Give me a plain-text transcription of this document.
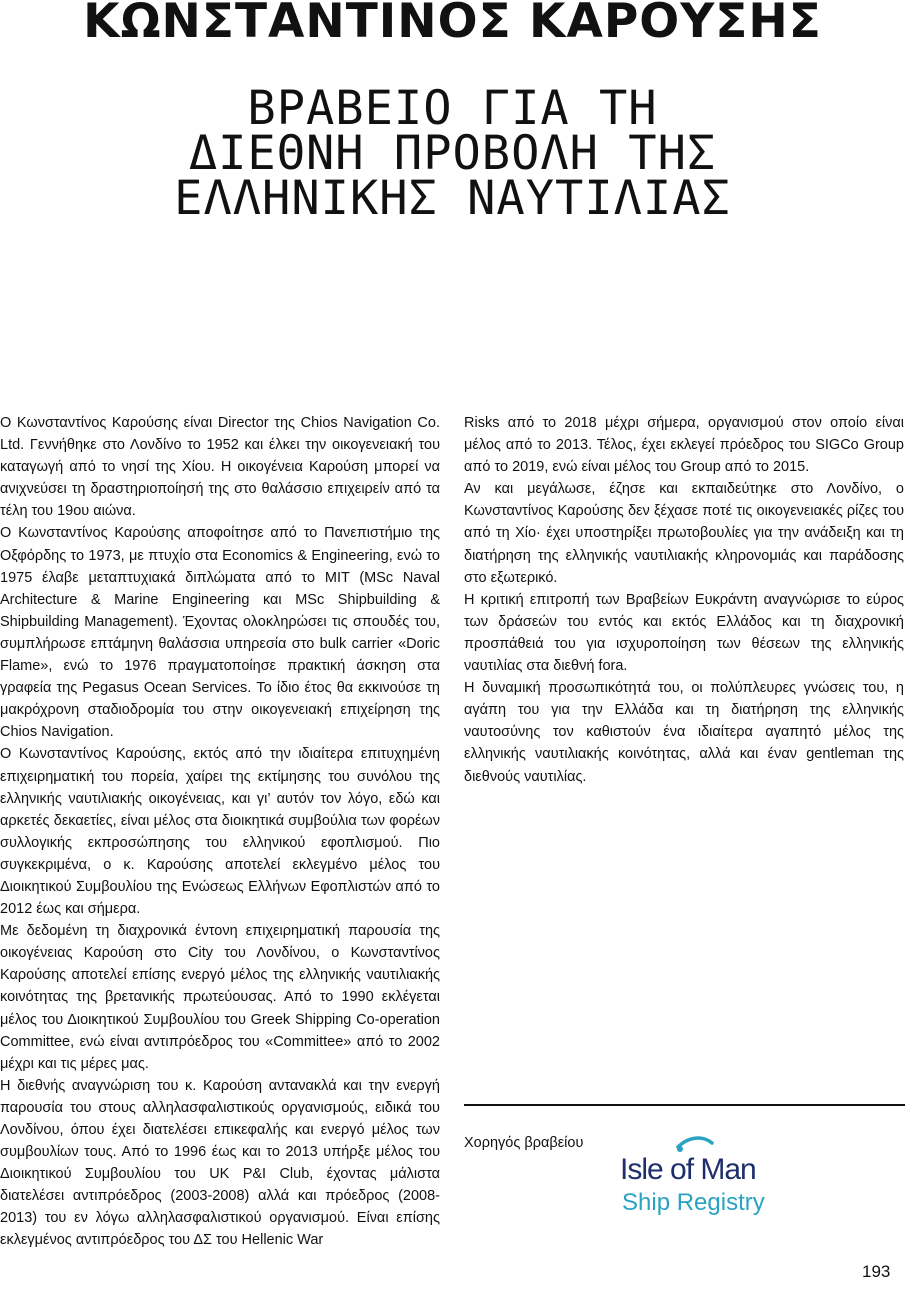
ΚΩΝΣΤΑΝΤΙΝΟΣ ΚΑΡΟΥΣΗΣ
ΒΡΑΒΕΙΟ ΓΙΑ ΤΗ
ΔΙΕΘΝΗ ΠΡΟΒΟΛΗ ΤΗΣ
ΕΛΛΗΝΙΚΗΣ ΝΑΥΤΙΛΙΑΣ

Ο Κωνσταντίνος Καρούσης είναι Director της Chios Navigation Co. Ltd. Γεννήθηκε στο Λονδίνο το 1952 και έλκει την οικογενειακή του καταγωγή από το νησί της Χίου. Η οικογένεια Καρούση μπορεί να ανιχνεύσει τη δραστηριοποίησή της στο θαλάσσιο επιχειρείν από τα τέλη του 19ου αιώνα.

Ο Κωνσταντίνος Καρούσης αποφοίτησε από το Πανεπιστήμιο της Οξφόρδης το 1973, με πτυχίο στα Economics & Engineering, ενώ το 1975 έλαβε μεταπτυχιακά διπλώματα από το MIT (MSc Naval Architecture & Marine Engineering και MSc Shipbuilding & Shipbuilding Management). Έχοντας ολοκληρώσει τις σπουδές του, συμπλήρωσε επτάμηνη θαλάσσια υπηρεσία στο bulk carrier «Doric Flame», ενώ το 1976 πραγματοποίησε πρακτική άσκηση στα γραφεία της Pegasus Ocean Services. Το ίδιο έτος θα εκκινούσε τη μακρόχρονη σταδιοδρομία του στην οικογενειακή επιχείρηση της Chios Navigation.

Ο Κωνσταντίνος Καρούσης, εκτός από την ιδιαίτερα επιτυχημένη επιχειρηματική του πορεία, χαίρει της εκτίμησης του συνόλου της ελληνικής ναυτιλιακής οικογένειας, και γι’ αυτόν τον λόγο, εδώ και αρκετές δεκαετίες, είναι μέλος στα διοικητικά συμβούλια των φορέων συλλογικής εκπροσώπησης του ελληνικού εφοπλισμού. Πιο συγκεκριμένα, ο κ. Καρούσης αποτελεί εκλεγμένο μέλος του Διοικητικού Συμβουλίου της Ενώσεως Ελλήνων Εφοπλιστών από το 2012 έως και σήμερα.

Με δεδομένη τη διαχρονικά έντονη επιχειρηματική παρουσία της οικογένειας Καρούση στο City του Λονδίνου, ο Κωνσταντίνος Καρούσης αποτελεί επίσης ενεργό μέλος της ελληνικής ναυτιλιακής κοινότητας της βρετανικής πρωτεύουσας. Από το 1990 εκλέγεται μέλος του Διοικητικού Συμβουλίου του Greek Shipping Co-operation Committee, ενώ είναι αντιπρόεδρος του «Committee» από το 2002 μέχρι και τις μέρες μας.

Η διεθνής αναγνώριση του κ. Καρούση αντανακλά και την ενεργή παρουσία του στους αλληλασφαλιστικούς οργανισμούς, ειδικά του Λονδίνου, όπου έχει διατελέσει επικεφαλής και ενεργό μέλος των συμβουλίων τους. Από το 1996 έως και το 2013 υπήρξε μέλος του Διοικητικού Συμβουλίου του UK P&I Club, έχοντας μάλιστα διατελέσει αντιπρόεδρος (2003-2008) αλλά και πρόεδρος (2008-2013) του εν λόγω αλληλασφαλιστικού οργανισμού. Είναι επίσης εκλεγμένος αντιπρόεδρος του ΔΣ του Hellenic War

Risks από το 2018 μέχρι σήμερα, οργανισμού στον οποίο είναι μέλος από το 2013. Τέλος, έχει εκλεγεί πρόεδρος του SIGCo Group από το 2019, ενώ είναι μέλος του Group από το 2015.

Αν και μεγάλωσε, έζησε και εκπαιδεύτηκε στο Λονδίνο, ο Κωνσταντίνος Καρούσης δεν ξέχασε ποτέ τις οικογενειακές ρίζες του από τη Χίο· έχει υποστηρίξει πρωτοβουλίες για την ανάδειξη και τη διατήρηση της ελληνικής ναυτιλιακής κληρονομιάς και παράδοσης στο εξωτερικό.

Η κριτική επιτροπή των Βραβείων Ευκράντη αναγνώρισε το εύρος των δράσεών του εντός και εκτός Ελλάδος και τη διαχρονική προσπάθειά του για ισχυροποίηση των θέσεων της ελληνικής ναυτιλίας στα διεθνή fora.

Η δυναμική προσωπικότητά του, οι πολύπλευρες γνώσεις του, η αγάπη του για την Ελλάδα και τη διατήρηση της ελληνικής ναυτοσύνης τον καθιστούν ένα ιδιαίτερα αγαπητό μέλος της ελληνικής ναυτιλιακής κοινότητας, αλλά και έναν gentleman της διεθνούς ναυτιλίας.

Χορηγός βραβείου
Isle of Man
Ship Registry
193
